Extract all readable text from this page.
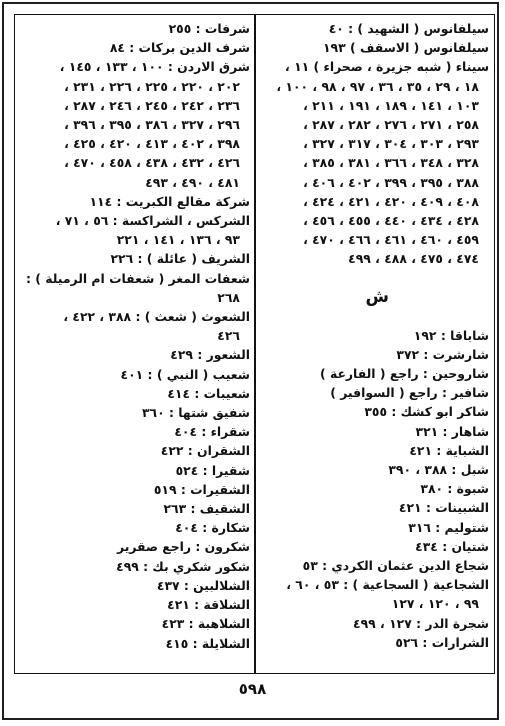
سيلفانوس ( الشهيد ) : ٤٠
سيلفانوس ( الاسقف ) ١٩٣
سيناء ( شبه جزيرة ، صحراء ) ١١ ،
١٨ ، ٢٩ ، ٣٥ ، ٣٦ ، ٩٧ ، ٩٨ ، ١٠٠ ،
١٠٣ ، ١٤١ ، ١٨٩ ، ١٩١ ، ٢١١ ،
٢٥٨ ، ٢٧١ ، ٢٧٦ ، ٢٨٢ ، ٢٨٧ ،
٢٩٣ ، ٣٠٣ ، ٣٠٤ ، ٣١٧ ، ٣٢٧ ،
٣٢٨ ، ٣٤٨ ، ٣٦٦ ، ٣٨١ ، ٣٨٥ ،
٣٨٨ ، ٣٩٥ ، ٣٩٩ ، ٤٠٢ ، ٤٠٦ ،
٤٠٨ ، ٤٠٩ ، ٤٢٠ ، ٤٢١ ، ٤٢٤ ،
٤٢٨ ، ٤٣٤ ، ٤٤٠ ، ٤٥٥ ، ٤٥٦ ،
٤٥٩ ، ٤٦٠ ، ٤٦١ ، ٤٦٦ ، ٤٧٠ ،
٤٧٤ ، ٤٧٥ ، ٤٨٨ ، ٤٩٩
ش
شاباقا : ١٩٢
شارشرت : ٣٧٢
شاروحين : راجع ( الفارعة )
شافير : راجع ( السوافير )
شاكر ابو كشك : ٣٥٥
شاهار : ٣٢١
الشباية : ٤٢١
شبل : ٣٨٨ ، ٣٩٠
شبوة : ٣٨٠
الشبينات : ٤٢١
شتوليم : ٣١٦
شتيان : ٤٣٤
شجاع الدين عثمان الكردي : ٥٣
الشجاعية ( السجاعية ) : ٥٣ ، ٦٠ ،
٩٩ ، ١٢٠ ، ١٢٧
شجرة الدر : ١٢٧ ، ٤٩٩
الشرارات : ٥٢٦
شرفات : ٢٥٥
شرف الدين بركات : ٨٤
شرق الاردن : ١٠٠ ، ١٣٣ ، ١٤٥ ،
٢٠٢ ، ٢٢٠ ، ٢٢٥ ، ٢٢٦ ، ٢٣١ ،
٢٣٦ ، ٢٤٢ ، ٢٤٥ ، ٢٤٦ ، ٢٨٧ ،
٢٩٦ ، ٣٢٧ ، ٣٨٦ ، ٣٩٥ ، ٣٩٦ ،
٣٩٨ ، ٤٠٢ ، ٤١٣ ، ٤٢٠ ، ٤٢٥ ،
٤٢٦ ، ٤٣٢ ، ٤٣٨ ، ٤٥٨ ، ٤٧٠ ،
٤٨١ ، ٤٩٠ ، ٤٩٣
شركة مقالع الكبريت : ١١٤
الشركس ، الشراكسة : ٥٦ ، ٧١ ،
٩٣ ، ١٣٦ ، ١٤١ ، ٢٢١
الشريف ( عائلة ) : ٢٢٦
شعفات المغر ( شعفات ام الرميلة ) :
٢٦٨
الشعوث ( شعث ) : ٣٨٨ ، ٤٢٢ ،
٤٢٦
الشعور : ٤٢٩
شعيب ( النبي ) : ٤٠١
شعيبات : ٤١٤
شفيق شتها : ٣٦٠
شقراء : ٤٠٤
الشقران : ٤٢٢
شقيرا : ٥٢٤
الشقيرات : ٥١٩
الشقيف : ٢٦٣
شكارة : ٤٠٤
شكرون : راجع صقرير
شكور شكري بك : ٤٩٩
الشلالبين : ٤٣٧
الشلاقة : ٤٢١
الشلاهبة : ٤٢٣
الشلايلة : ٤١٥
٥٩٨
